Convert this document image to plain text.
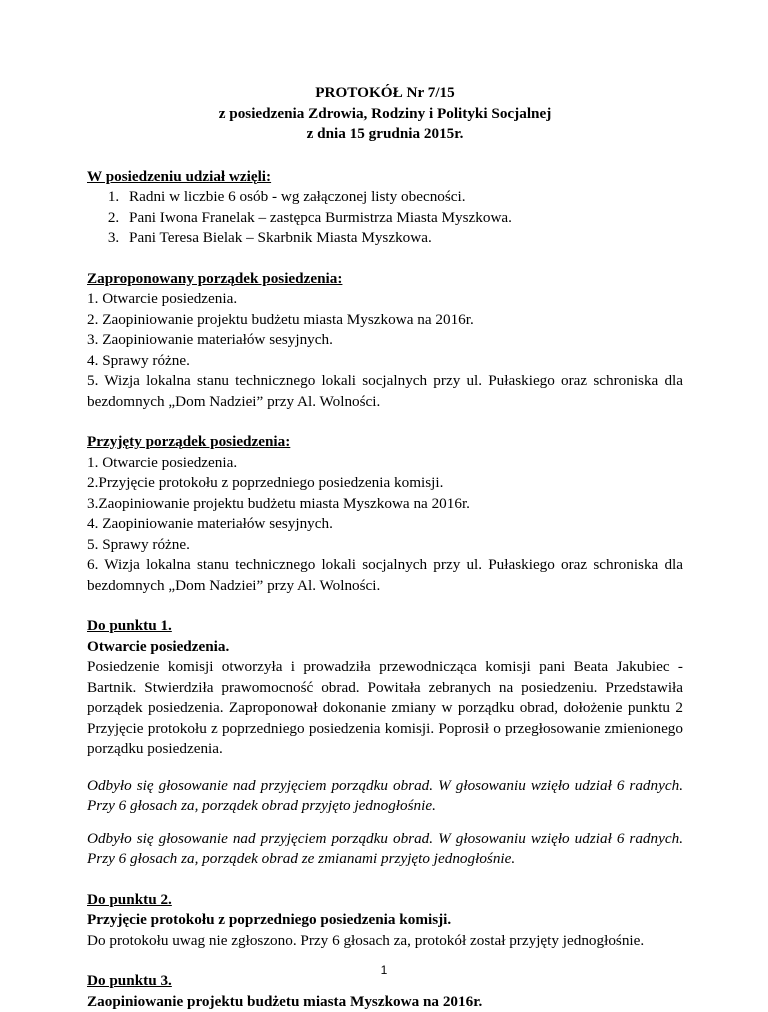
PROTOKÓŁ Nr 7/15
z posiedzenia Zdrowia, Rodziny i Polityki Socjalnej
z dnia 15 grudnia 2015r.
W posiedzeniu udział wzięli:
1. Radni w liczbie 6 osób - wg załączonej listy obecności.
2. Pani Iwona Franelak – zastępca Burmistrza Miasta Myszkowa.
3. Pani Teresa Bielak – Skarbnik Miasta Myszkowa.
Zaproponowany porządek posiedzenia:
1. Otwarcie posiedzenia.
2. Zaopiniowanie projektu budżetu miasta Myszkowa na 2016r.
3. Zaopiniowanie materiałów sesyjnych.
4. Sprawy różne.
5. Wizja lokalna stanu technicznego lokali socjalnych przy ul. Pułaskiego oraz schroniska dla bezdomnych „Dom Nadziei” przy Al. Wolności.
Przyjęty porządek posiedzenia:
1. Otwarcie posiedzenia.
2.Przyjęcie protokołu z poprzedniego posiedzenia komisji.
3.Zaopiniowanie projektu budżetu miasta Myszkowa na 2016r.
4. Zaopiniowanie materiałów sesyjnych.
5. Sprawy różne.
6. Wizja lokalna stanu technicznego lokali socjalnych przy ul. Pułaskiego oraz schroniska dla bezdomnych „Dom Nadziei” przy Al. Wolności.
Do punktu 1.
Otwarcie posiedzenia.

Posiedzenie komisji otworzyła i prowadziła przewodnicząca komisji pani Beata Jakubiec - Bartnik. Stwierdziła prawomocność obrad. Powitała zebranych na posiedzeniu. Przedstawiła porządek posiedzenia. Zaproponował dokonanie zmiany w porządku obrad, dołożenie punktu 2 Przyjęcie protokołu z poprzedniego posiedzenia komisji. Poprosił o przegłosowanie zmienionego porządku posiedzenia.

Odbyło się głosowanie nad przyjęciem porządku obrad. W głosowaniu wzięło udział 6 radnych. Przy 6 głosach za, porządek obrad przyjęto jednogłośnie.

Odbyło się głosowanie nad przyjęciem porządku obrad. W głosowaniu wzięło udział 6 radnych. Przy 6 głosach za, porządek obrad ze zmianami przyjęto jednogłośnie.

Do punktu 2.
Przyjęcie protokołu z poprzedniego posiedzenia komisji.
Do protokołu uwag nie zgłoszono. Przy 6 głosach za, protokół został przyjęty jednogłośnie.
Do punktu 3.
Zaopiniowanie projektu budżetu miasta Myszkowa na 2016r.
1
